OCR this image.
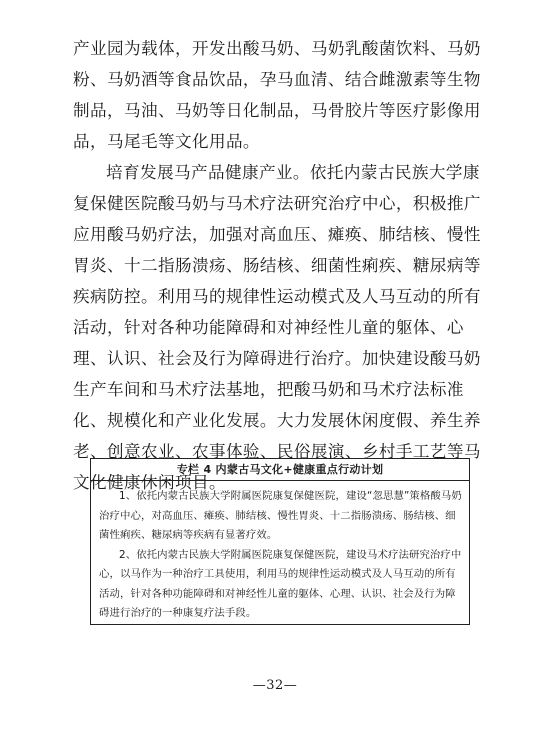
产业园为载体，开发出酸马奶、马奶乳酸菌饮料、马奶粉、马奶酒等食品饮品，孕马血清、结合雌激素等生物制品，马油、马奶等日化制品，马骨胶片等医疗影像用品，马尾毛等文化用品。
培育发展马产品健康产业。依托内蒙古民族大学康复保健医院酸马奶与马术疗法研究治疗中心，积极推广应用酸马奶疗法，加强对高血压、瘫痪、肺结核、慢性胃炎、十二指肠溃疡、肠结核、细菌性痢疾、糖尿病等疾病防控。利用马的规律性运动模式及人马互动的所有活动，针对各种功能障碍和对神经性儿童的躯体、心理、认识、社会及行为障碍进行治疗。加快建设酸马奶生产车间和马术疗法基地，把酸马奶和马术疗法标准化、规模化和产业化发展。大力发展休闲度假、养生养老、创意农业、农事体验、民俗展演、乡村手工艺等马文化健康休闲项目。
专栏 4 内蒙古马文化+健康重点行动计划

1、依托内蒙古民族大学附属医院康复保健医院，建设“忽思慧”策格酸马奶治疗中心，对高血压、瘫痪、肺结核、慢性胃炎、十二指肠溃疡、肠结核、细菌性痢疾、糖尿病等疾病有显著疗效。

2、依托内蒙古民族大学附属医院康复保健医院，建设马术疗法研究治疗中心，以马作为一种治疗工具使用，利用马的规律性运动模式及人马互动的所有活动，针对各种功能障碍和对神经性儿童的躯体、心理、认识、社会及行为障碍进行治疗的一种康复疗法手段。

—32—
